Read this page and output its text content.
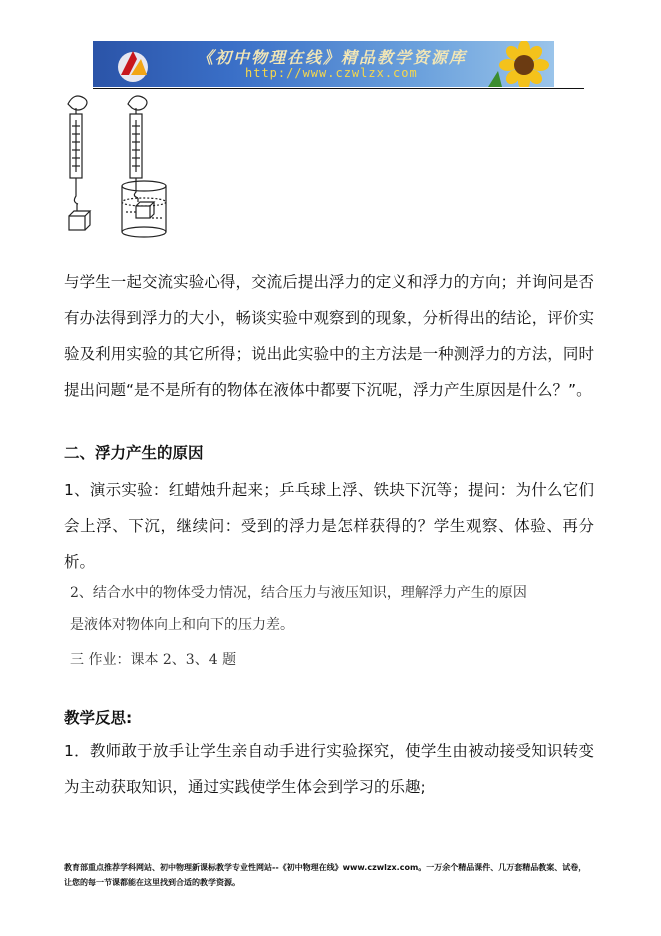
《初中物理在线》精品教学资源库
http://www.czwlzx.com
与学生一起交流实验心得，交流后提出浮力的定义和浮力的方向；并询问是否有办法得到浮力的大小，畅谈实验中观察到的现象，分析得出的结论，评价实验及利用实验的其它所得；说出此实验中的主方法是一种测浮力的方法，同时提出问题“是不是所有的物体在液体中都要下沉呢，浮力产生原因是什么？”。
二、浮力产生的原因
1、演示实验：红蜡烛升起来；乒乓球上浮、铁块下沉等；提问：为什么它们会上浮、下沉，继续问：受到的浮力是怎样获得的？学生观察、体验、再分析。
2、结合水中的物体受力情况，结合压力与液压知识，理解浮力产生的原因
是液体对物体向上和向下的压力差。
三 作业：课本 2、3、4 题
教学反思:
1．教师敢于放手让学生亲自动手进行实验探究，使学生由被动接受知识转变为主动获取知识，通过实践使学生体会到学习的乐趣;
教育部重点推荐学科网站、初中物理新课标教学专业性网站--《初中物理在线》www.czwlzx.com。一万余个精品课件、几万套精品教案、试卷，让您的每一节课都能在这里找到合适的教学资源。
